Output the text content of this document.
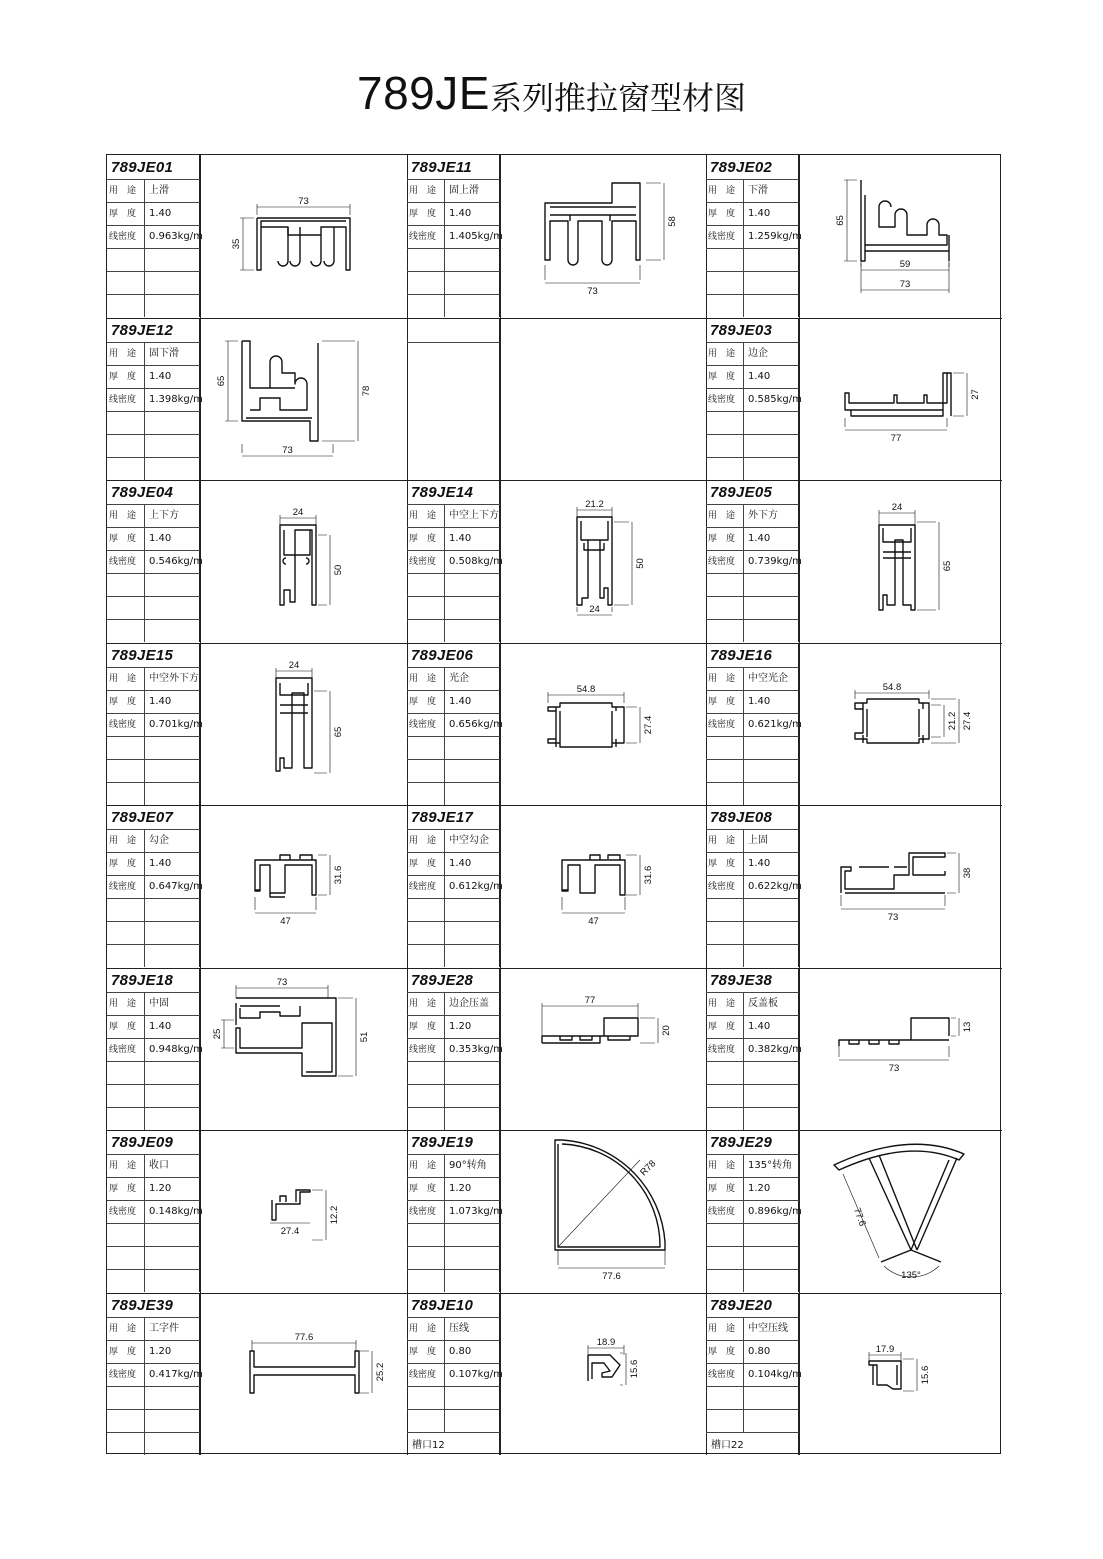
789JE系列推拉窗型材图
789JE01
用　途	上滑
厚　度	1.40
线密度	0.963kg/m
789JE11
用　途	固上滑
厚　度	1.40
线密度	1.405kg/m
789JE02
用　途	下滑
厚　度	1.40
线密度	1.259kg/m
789JE12
用　途	固下滑
厚　度	1.40
线密度	1.398kg/m
789JE03
用　途	边企
厚　度	1.40
线密度	0.585kg/m
789JE04
用　途	上下方
厚　度	1.40
线密度	0.546kg/m
789JE14
用　途	中空上下方
厚　度	1.40
线密度	0.508kg/m
789JE05
用　途	外下方
厚　度	1.40
线密度	0.739kg/m
789JE15
用　途	中空外下方
厚　度	1.40
线密度	0.701kg/m
789JE06
用　途	光企
厚　度	1.40
线密度	0.656kg/m
789JE16
用　途	中空光企
厚　度	1.40
线密度	0.621kg/m
789JE07
用　途	勾企
厚　度	1.40
线密度	0.647kg/m
789JE17
用　途	中空勾企
厚　度	1.40
线密度	0.612kg/m
789JE08
用　途	上固
厚　度	1.40
线密度	0.622kg/m
789JE18
用　途	中固
厚　度	1.40
线密度	0.948kg/m
789JE28
用　途	边企压盖
厚　度	1.20
线密度	0.353kg/m
789JE38
用　途	反盖板
厚　度	1.40
线密度	0.382kg/m
789JE09
用　途	收口
厚　度	1.20
线密度	0.148kg/m
789JE19
用　途	90°转角
厚　度	1.20
线密度	1.073kg/m
789JE29
用　途	135°转角
厚　度	1.20
线密度	0.896kg/m
789JE39
用　途	工字件
厚　度	1.20
线密度	0.417kg/m
789JE10
用　途	压线
厚　度	0.80
线密度	0.107kg/m
槽口12
789JE20
用　途	中空压线
厚　度	0.80
线密度	0.104kg/m
槽口22
73
35
58
73
65
59
73
65
78
73
27
77
24
50
21.2
50
24
24
65
24
65
54.8
27.4
54.8
21.2 27.4
31.6
47
31.6
47
38
73
73
25	51
77
20	13
73
27.4
12.2
R78
77.6	135°
77.6
77.6
25.2
18.9
15.6
17.9
15.6
